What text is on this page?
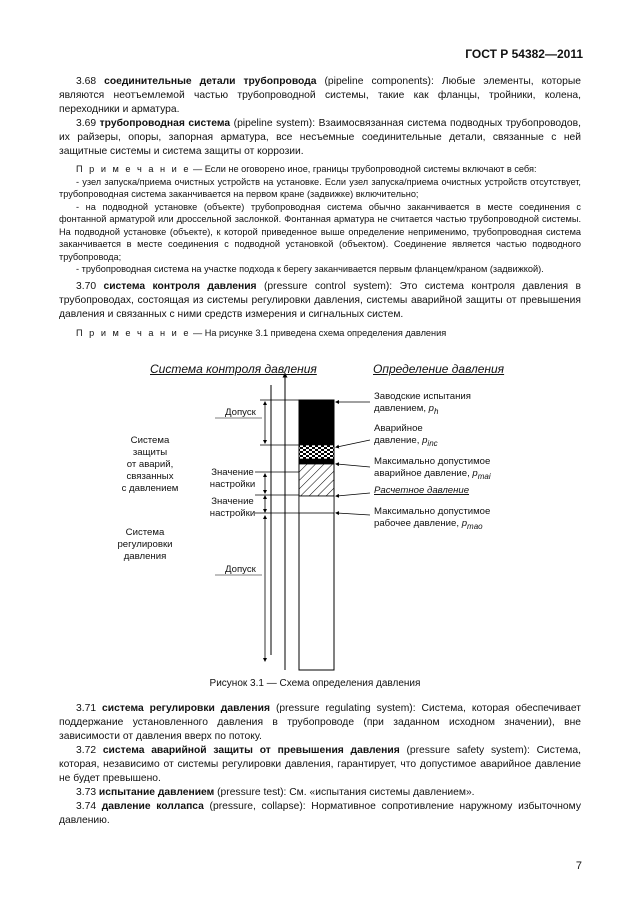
ГОСТ Р 54382—2011

3.68 соединительные детали трубопровода (pipeline components): Любые элементы, которые являются неотъемлемой частью трубопроводной системы, такие как фланцы, тройники, колена, переходники и арматура.

3.69 трубопроводная система (pipeline system): Взаимосвязанная система подводных трубопроводов, их райзеры, опоры, запорная арматура, все несъемные соединительные детали, связанные с ней защитные системы и система защиты от коррозии.

П р и м е ч а н и е — Если не оговорено иное, границы трубопроводной системы включают в себя:

- узел запуска/приема очистных устройств на установке. Если узел запуска/приема очистных устройств отсутствует, трубопроводная система заканчивается на первом кране (задвижке) включительно;

- на подводной установке (объекте) трубопроводная система обычно заканчивается в месте соединения с фонтанной арматурой или дроссельной заслонкой. Фонтанная арматура не считается частью трубопроводной системы. На подводной установке (объекте), к которой приведенное выше определение неприменимо, трубопроводная система заканчивается в месте соединения с подводной установкой (объектом). Соединение является частью подводного трубопровода;

- трубопроводная система на участке подхода к берегу заканчивается первым фланцем/краном (задвижкой).

3.70 система контроля давления (pressure control system): Это система контроля давления в трубопроводах, состоящая из системы регулировки давления, системы аварийной защиты от превышения давления и связанных с ними средств измерения и сигнальных систем.

П р и м е ч а н и е — На рисунке 3.1 приведена схема определения давления

Система контроля давления	Определение давления
Допуск
Система
защиты
от аварий,
связанных
с давлением
Значение
настройки
Значение
настройки
Система
регулировки
давления
Допуск
Заводские испытания
давлением, $p_h$
Аварийное
давление, $p_{inc}$
Максимально допустимое
аварийное давление, $p_{mai}$
Расчетное давление
Максимально допустимое
рабочее давление, $p_{mao}$
Рисунок 3.1 — Схема определения давления

3.71 система регулировки давления (pressure regulating system): Система, которая обеспечивает поддержание установленного давления в трубопроводе (при заданном исходном значении), вне зависимости от давления вверх по потоку.

3.72 система аварийной защиты от превышения давления (pressure safety system): Система, которая, независимо от системы регулировки давления, гарантирует, что допустимое аварийное давление не будет превышено.

3.73 испытание давлением (pressure test): См. «испытания системы давлением».

3.74 давление коллапса (pressure, collapse): Нормативное сопротивление наружному избыточному давлению.

7
